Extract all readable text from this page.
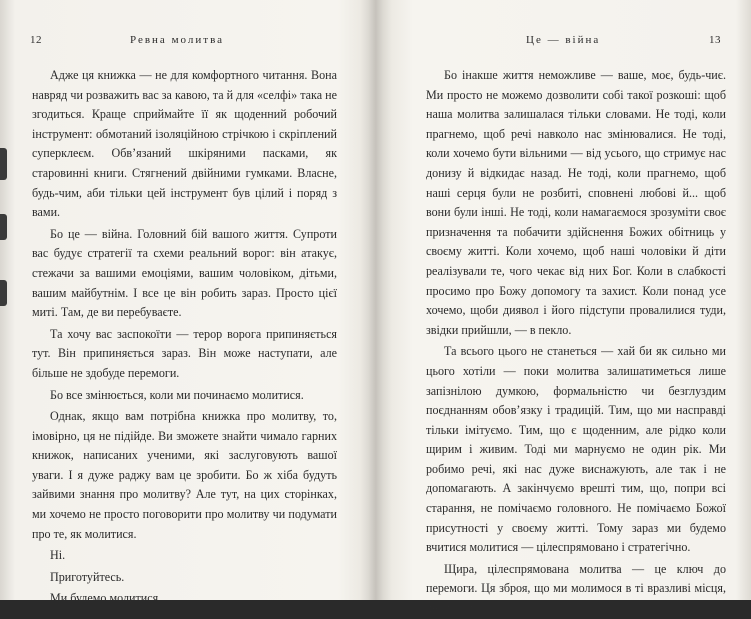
12	Ревна молитва

Адже ця книжка — не для комфортного читання. Вона навряд чи розважить вас за кавою, та й для «селфі» така не згодиться. Краще сприймайте її як щоденний робочий інструмент: обмотаний ізоляційною стрічкою і скріплений суперклеєм. Обв’язаний шкіряними пасками, як старовинні книги. Стягнений двійними гумками. Власне, будь-чим, аби тільки цей інструмент був цілий і поряд з вами.

Бо це — війна. Головний бій вашого життя. Супроти вас будує стратегії та схеми реальний ворог: він атакує, стежачи за вашими емоціями, вашим чоловіком, дітьми, вашим майбутнім. І все це він робить зараз. Просто цієї миті. Там, де ви перебуваєте.

Та хочу вас заспокоїти — терор ворога припиняється тут. Він припиняється зараз. Він може наступати, але більше не здобуде перемоги.

Бо все змінюється, коли ми починаємо молитися.

Однак, якщо вам потрібна книжка про молитву, то, імовірно, ця не підійде. Ви зможете знайти чимало гарних книжок, написаних ученими, які заслуговують вашої уваги. І я дуже раджу вам це зробити. Бо ж хіба будуть зайвими знання про молитву? Але тут, на цих сторінках, ми хочемо не просто поговорити про молитву чи подумати про те, як молитися.

Ні.

Приготуйтесь.

Ми будемо молитися.

Це — війна	13

Бо інакше життя неможливе — ваше, моє, будь-чиє. Ми просто не можемо дозволити собі такої розкоші: щоб наша молитва залишалася тільки словами. Не тоді, коли прагнемо, щоб речі навколо нас змінювалися. Не тоді, коли хочемо бути вільними — від усього, що стримує нас донизу й відкидає назад. Не тоді, коли прагнемо, щоб наші серця були не розбиті, сповнені любові й... щоб вони були інші. Не тоді, коли намагаємося зрозуміти своє призначення та побачити здійснення Божих обітниць у своєму житті. Коли хочемо, щоб наші чоловіки й діти реалізували те, чого чекає від них Бог. Коли в слабкості просимо про Божу допомогу та захист. Коли понад усе хочемо, щоби диявол і його підступи провалилися туди, звідки прийшли, — в пекло.

Та всього цього не станеться — хай би як сильно ми цього хотіли — поки молитва залишатиметься лише запізнілою думкою, формальністю чи безглуздим поєднанням обов’язку і традицій. Тим, що ми насправді тільки імітуємо. Тим, що є щоденним, але рідко коли щирим і живим. Тоді ми марнуємо не один рік. Ми робимо речі, які нас дуже виснажують, але так і не допомагають. А закінчуємо врешті тим, що, попри всі старання, не помічаємо головного. Не помічаємо Божої присутності у своєму житті. Тому зараз ми будемо вчитися молитися — цілеспрямовано і стратегічно.

Щира, цілеспрямована молитва — це ключ до перемоги. Ця зброя, що ми молимося в ті вразливі місця, де, підозр
